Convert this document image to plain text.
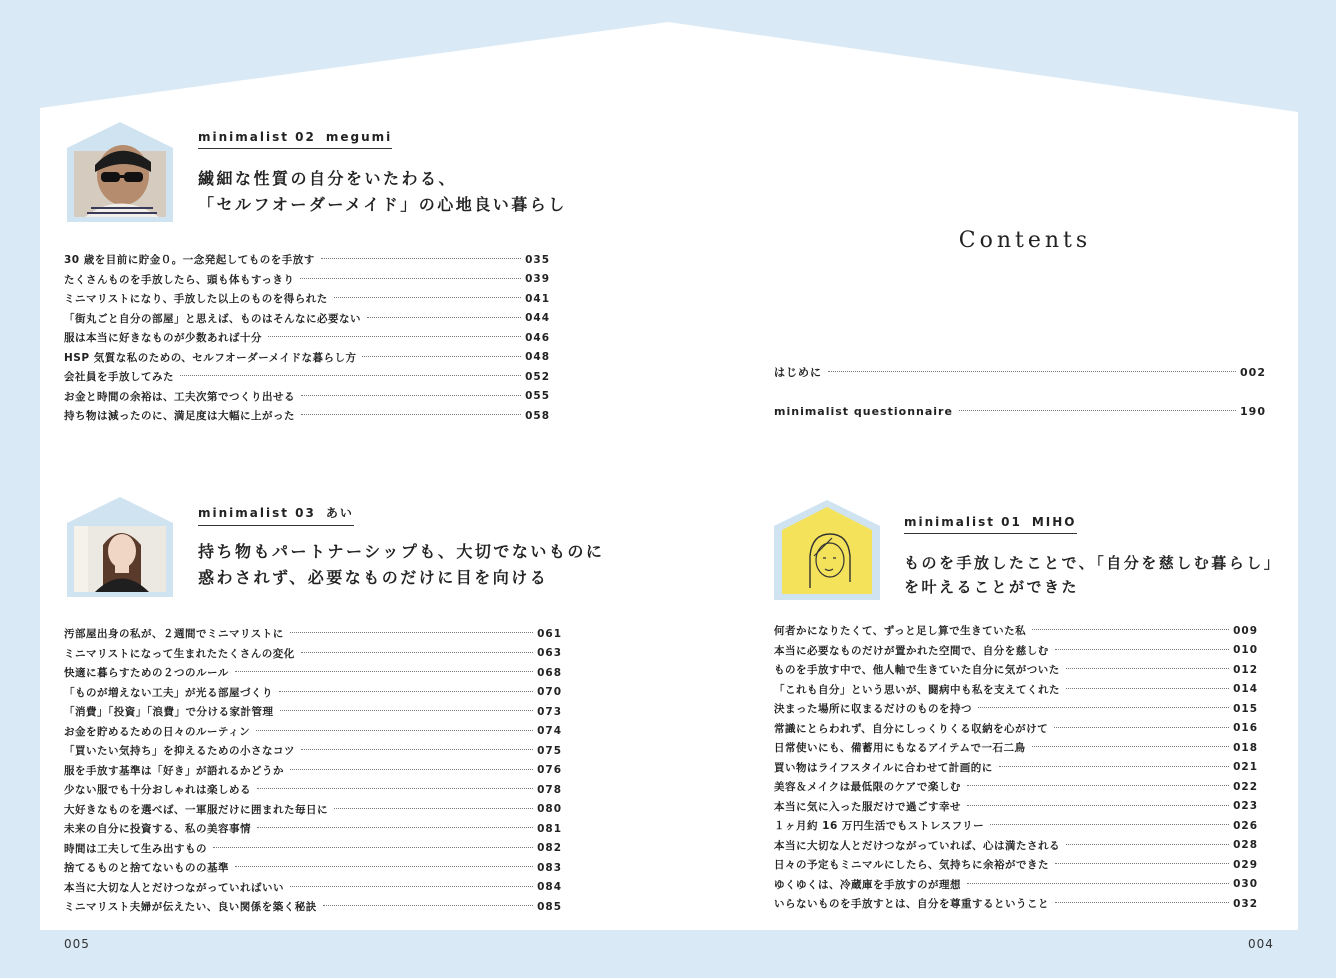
minimalist 02 megumi
繊細な性質の自分をいたわる、
「セルフオーダーメイド」の心地良い暮らし
30 歳を目前に貯金０。一念発起してものを手放す	035
たくさんものを手放したら、頭も体もすっきり	039
ミニマリストになり、手放した以上のものを得られた	041
「街丸ごと自分の部屋」と思えば、ものはそんなに必要ない	044
服は本当に好きなものが少数あれば十分	046
HSP 気質な私のための、セルフオーダーメイドな暮らし方	048
会社員を手放してみた	052
お金と時間の余裕は、工夫次第でつくり出せる	055
持ち物は減ったのに、満足度は大幅に上がった	058
minimalist 03 あい
持ち物もパートナーシップも、大切でないものに
惑わされず、必要なものだけに目を向ける
汚部屋出身の私が、２週間でミニマリストに	061
ミニマリストになって生まれたたくさんの変化	063
快適に暮らすための２つのルール	068
「ものが増えない工夫」が光る部屋づくり	070
「消費」「投資」「浪費」で分ける家計管理	073
お金を貯めるための日々のルーティン	074
「買いたい気持ち」を抑えるための小さなコツ	075
服を手放す基準は「好き」が語れるかどうか	076
少ない服でも十分おしゃれは楽しめる	078
大好きなものを選べば、一軍服だけに囲まれた毎日に	080
未来の自分に投資する、私の美容事情	081
時間は工夫して生み出すもの	082
捨てるものと捨てないものの基準	083
本当に大切な人とだけつながっていればいい	084
ミニマリスト夫婦が伝えたい、良い関係を築く秘訣	085
Contents
はじめに	002
minimalist questionnaire	190
minimalist 01 MIHO
ものを手放したことで、「自分を慈しむ暮らし」
を叶えることができた
何者かになりたくて、ずっと足し算で生きていた私	009
本当に必要なものだけが置かれた空間で、自分を慈しむ	010
ものを手放す中で、他人軸で生きていた自分に気がついた	012
「これも自分」という思いが、闘病中も私を支えてくれた	014
決まった場所に収まるだけのものを持つ	015
常識にとらわれず、自分にしっくりくる収納を心がけて	016
日常使いにも、備蓄用にもなるアイテムで一石二鳥	018
買い物はライフスタイルに合わせて計画的に	021
美容＆メイクは最低限のケアで楽しむ	022
本当に気に入った服だけで過ごす幸せ	023
１ヶ月約 16 万円生活でもストレスフリー	026
本当に大切な人とだけつながっていれば、心は満たされる	028
日々の予定もミニマルにしたら、気持ちに余裕ができた	029
ゆくゆくは、冷蔵庫を手放すのが理想	030
いらないものを手放すとは、自分を尊重するということ	032
005	004
